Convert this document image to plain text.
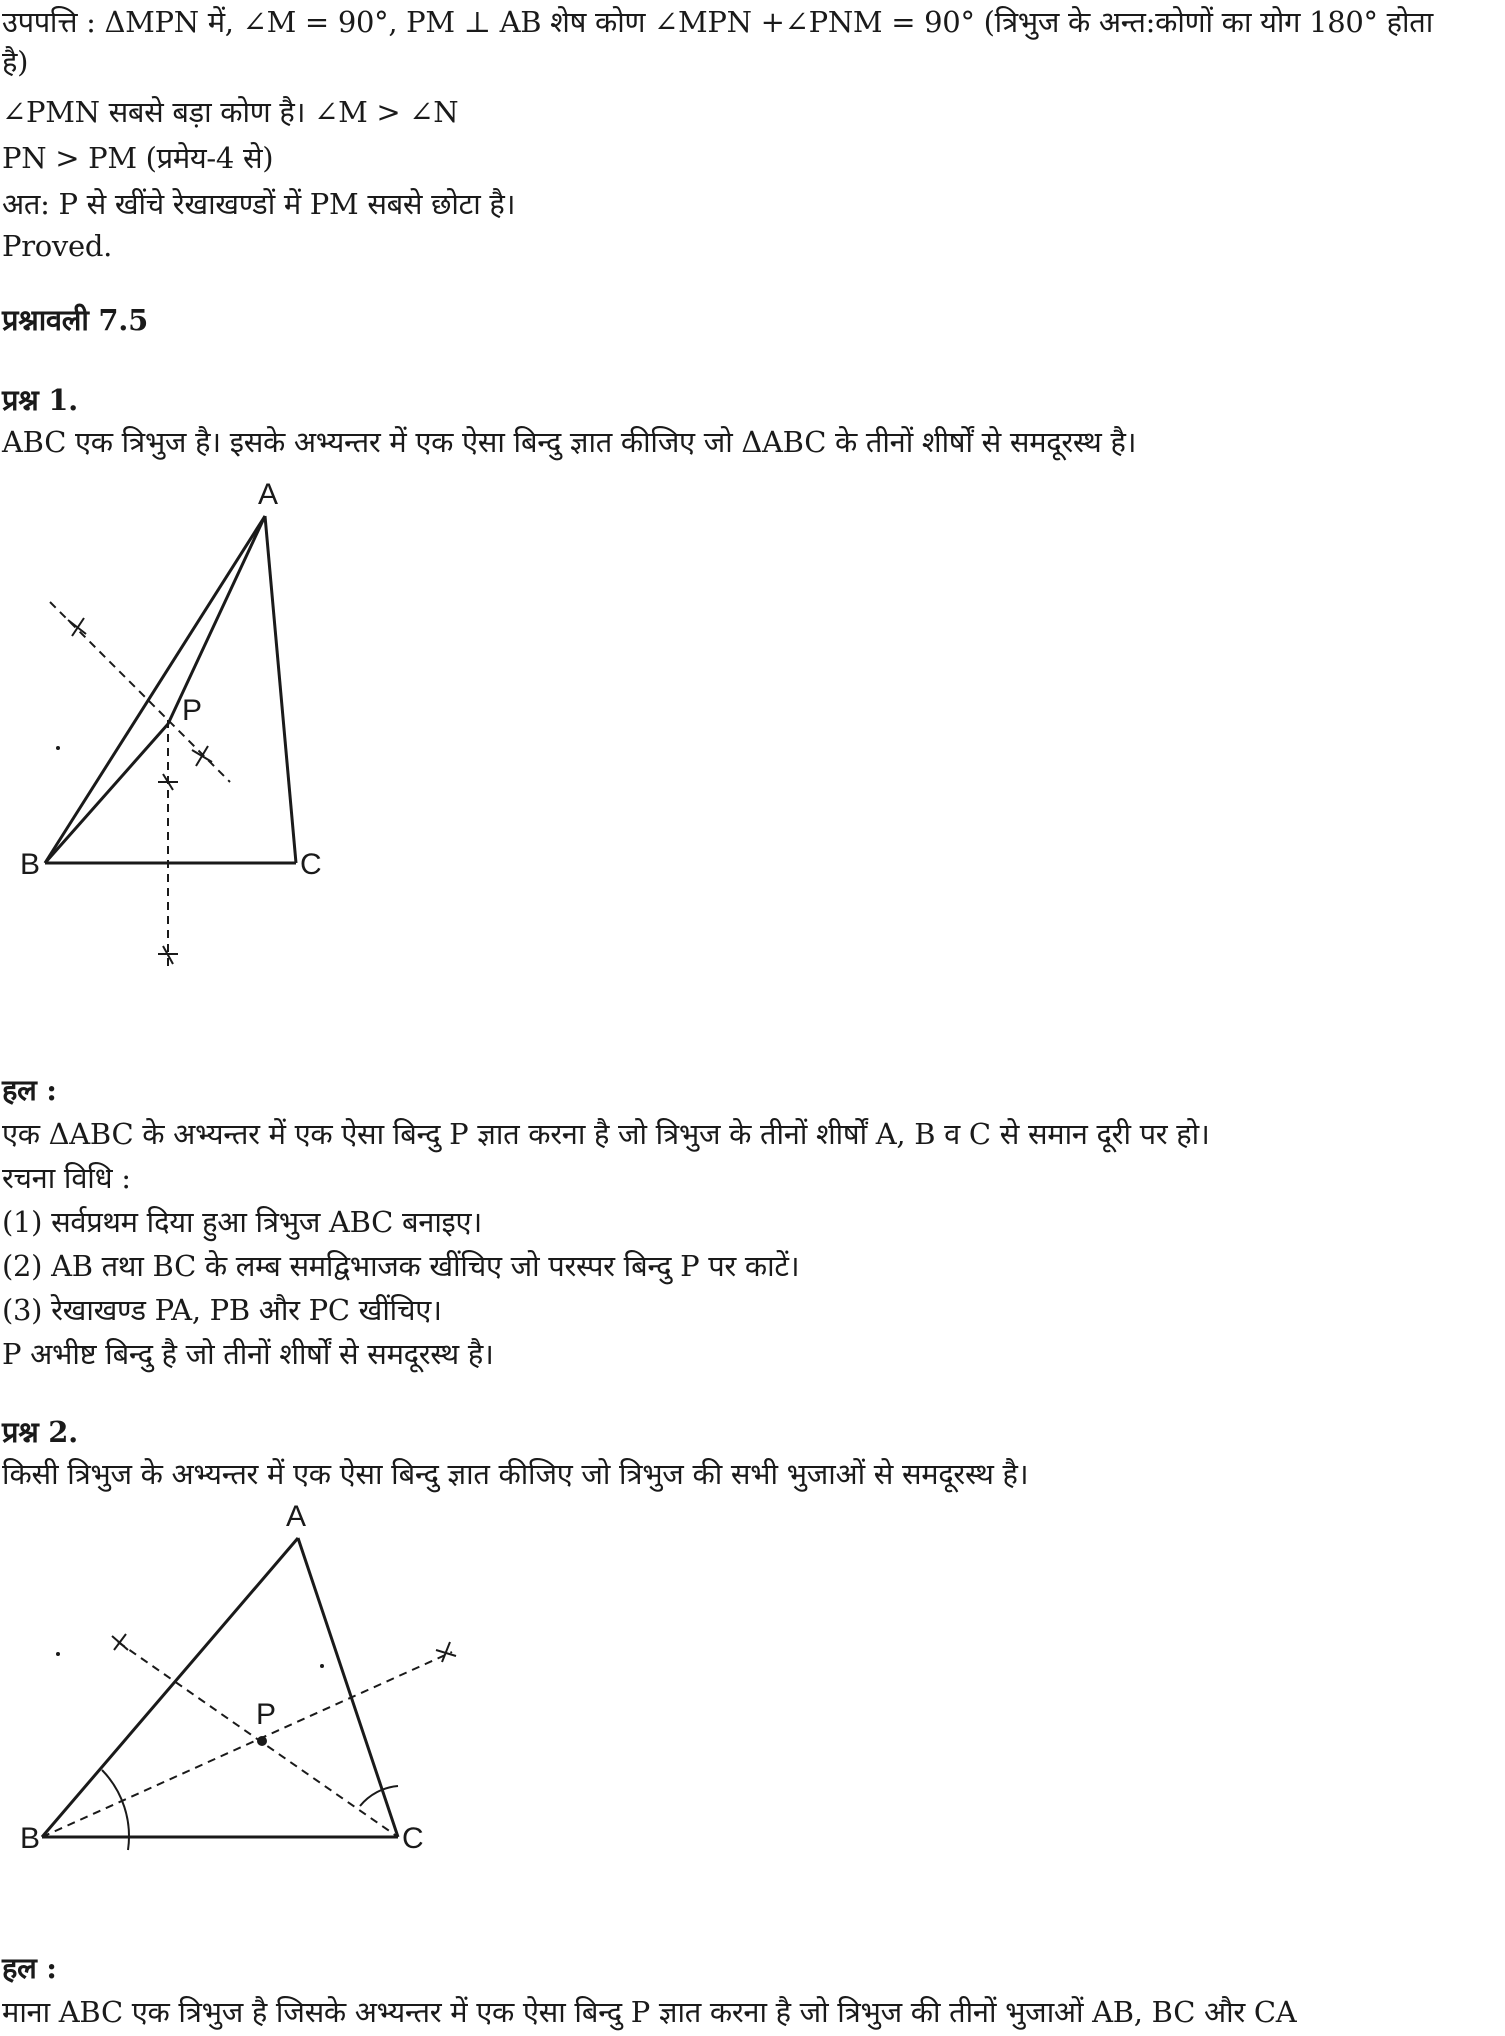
उपपत्ति : ΔMPN में, ∠M = 90°, PM ⊥ AB शेष कोण ∠MPN +∠PNM = 90° (त्रिभुज के अन्त:कोणों का योग 180° होता
है)
∠PMN सबसे बड़ा कोण है। ∠M > ∠N
PN > PM (प्रमेय-4 से)
अत: P से खींचे रेखाखण्डों में PM सबसे छोटा है।
Proved.
प्रश्नावली 7.5
प्रश्न 1.
ABC एक त्रिभुज है। इसके अभ्यन्तर में एक ऐसा बिन्दु ज्ञात कीजिए जो ΔABC के तीनों शीर्षों से समदूरस्थ है।
A
B	C
P
हल :
एक ΔABC के अभ्यन्तर में एक ऐसा बिन्दु P ज्ञात करना है जो त्रिभुज के तीनों शीर्षों A, B व C से समान दूरी पर हो।
रचना विधि :
(1) सर्वप्रथम दिया हुआ त्रिभुज ABC बनाइए।
(2) AB तथा BC के लम्ब समद्विभाजक खींचिए जो परस्पर बिन्दु P पर काटें।
(3) रेखाखण्ड PA, PB और PC खींचिए।
P अभीष्ट बिन्दु है जो तीनों शीर्षों से समदूरस्थ है।
प्रश्न 2.
किसी त्रिभुज के अभ्यन्तर में एक ऐसा बिन्दु ज्ञात कीजिए जो त्रिभुज की सभी भुजाओं से समदूरस्थ है।
A
B	C
P
हल :
माना ABC एक त्रिभुज है जिसके अभ्यन्तर में एक ऐसा बिन्दु P ज्ञात करना है जो त्रिभुज की तीनों भुजाओं AB, BC और CA
